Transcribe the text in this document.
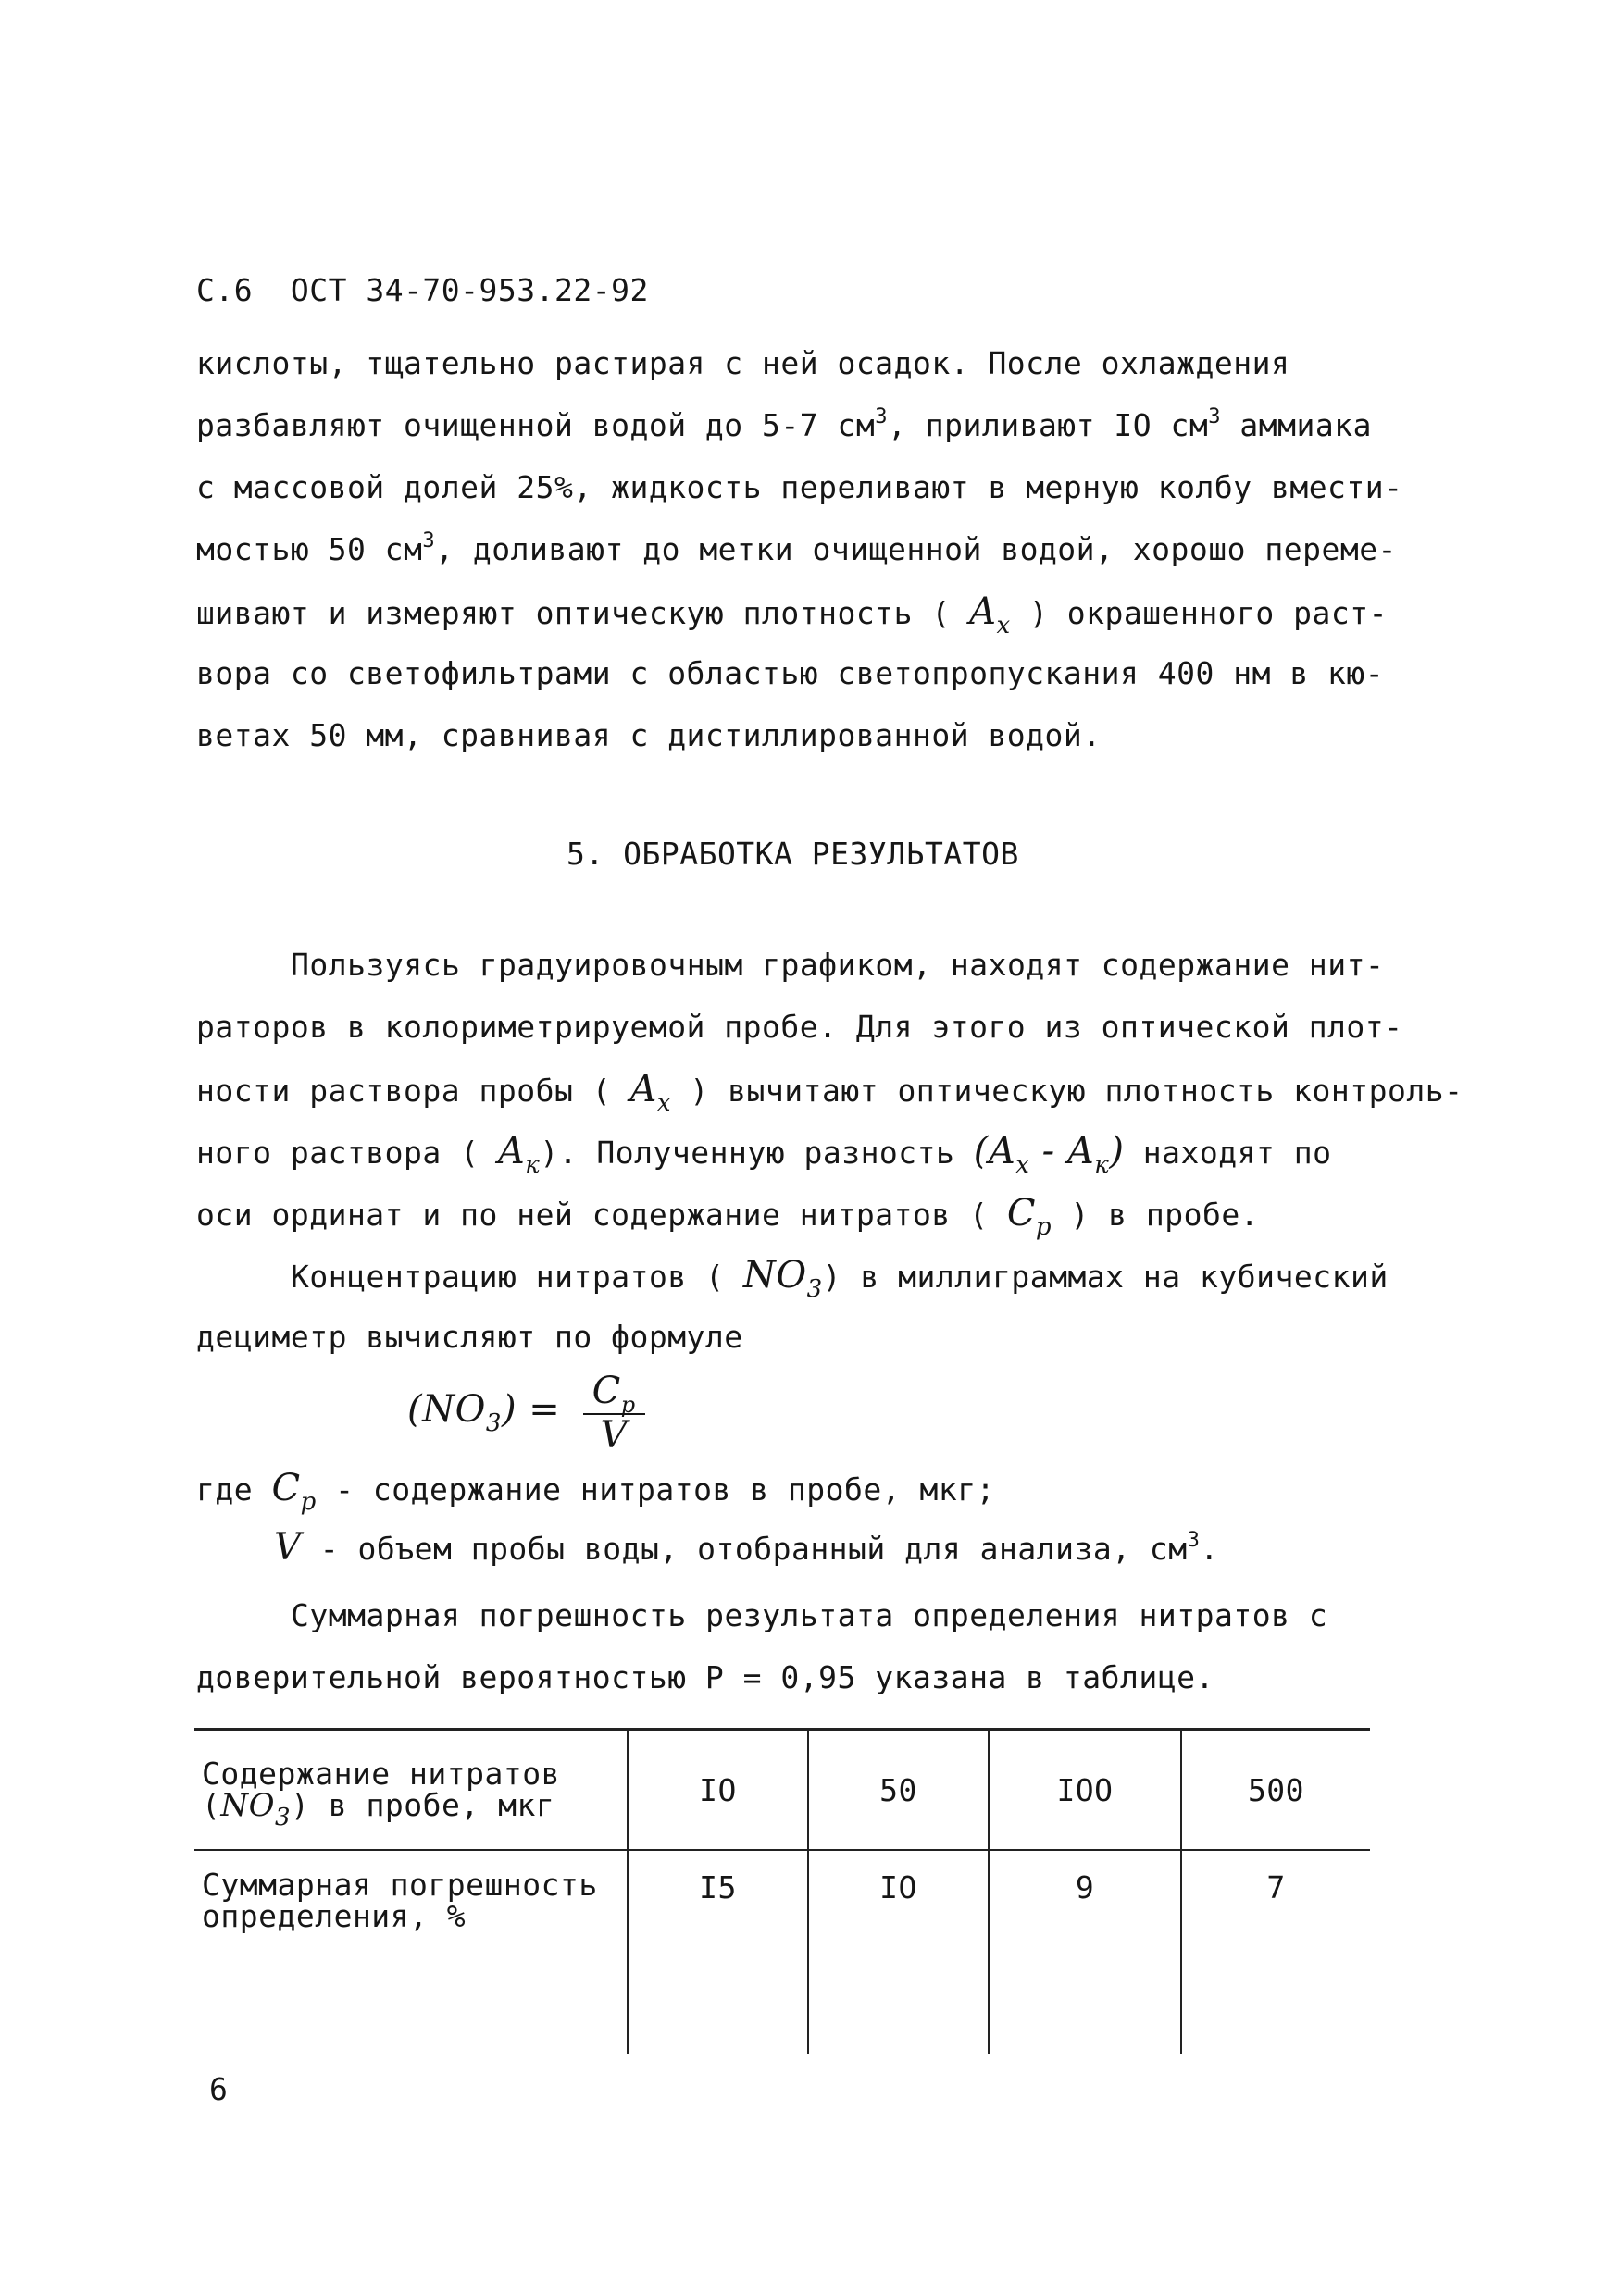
С.6 ОСТ 34-70-953.22-92
кислоты, тщательно растирая с ней осадок. После охлаждения
разбавляют очищенной водой до 5-7 $см^3$, приливают IO $см^3$ аммиака
с массовой долей 25%, жидкость переливают в мерную колбу вмести-
мостью 50 $см^3$, доливают до метки очищенной водой, хорошо переме-
шивают и измеряют оптическую плотность ( $A_x$ ) окрашенного раст-
вора со светофильтрами с областью светопропускания 400 нм в кю-
ветах 50 мм, сравнивая с дистиллированной водой.
5. ОБРАБОТКА РЕЗУЛЬТАТОВ
Пользуясь градуировочным графиком, находят содержание нит-
раторов в колориметрируемой пробе. Для этого из оптической плот-
ности раствора пробы ( $A_x$ ) вычитают оптическую плотность контроль-
ного раствора ( $A_к$). Полученную разность $(A_x - A_к)$ находят по
оси ординат и по ней содержание нитратов ( $C_p$ ) в пробе.
Концентрацию нитратов ( $NO_3$) в миллиграммах на кубический
дециметр вычисляют по формуле
$(NO_3) = \frac{C_p}{V}$
где $C_p$ - содержание нитратов в пробе, мкг;
V - объем пробы воды, отобранный для анализа, $см^3$.
Суммарная погрешность результата определения нитратов с
доверительной вероятностью Р = 0,95 указана в таблице.
Содержание нитратов
$(NO_3)$ в пробе, мкг	IO	50	IOO	500

Суммарная погрешность
определения, %	I5	IO	9	7
6
